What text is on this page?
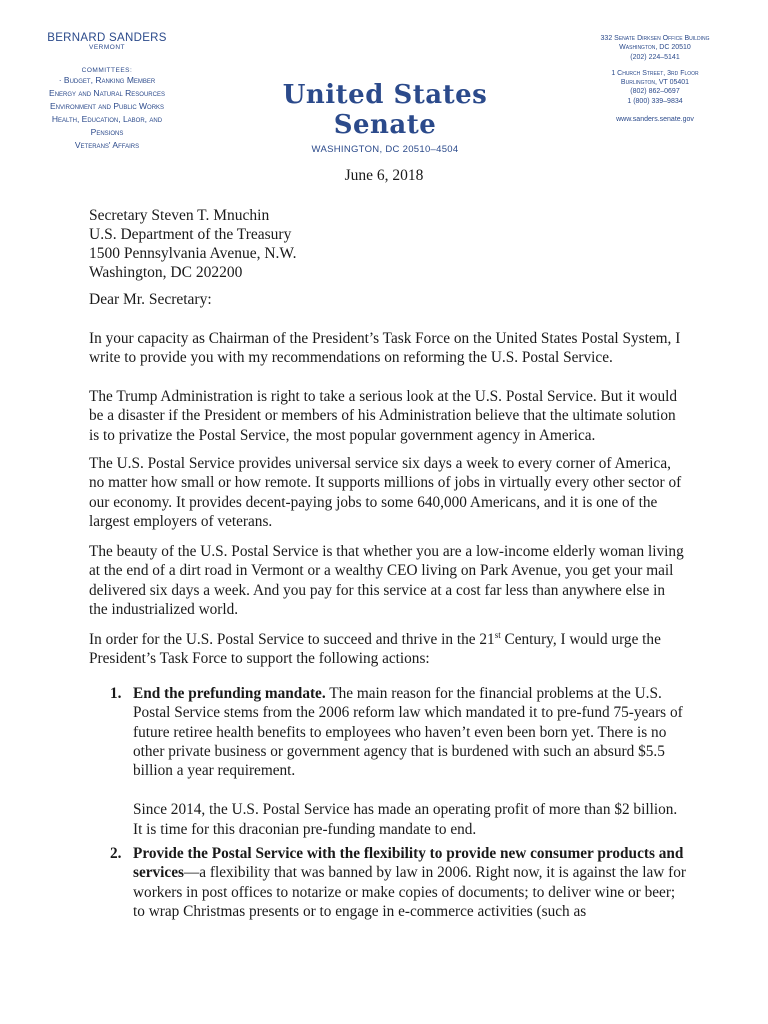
BERNARD SANDERS
VERMONT
COMMITTEES:
· Budget, Ranking Member
Energy and Natural Resources
Environment and Public Works
Health, Education, Labor, and
Pensions
Veterans' Affairs
United States Senate
WASHINGTON, DC 20510–4504
332 Senate Dirksen Office Building
Washington, DC 20510
(202) 224–5141
1 Church Street, 3rd Floor
Burlington, VT 05401
(802) 862–0697
1 (800) 339–9834
www.sanders.senate.gov
June 6, 2018
Secretary Steven T. Mnuchin
U.S. Department of the Treasury
1500 Pennsylvania Avenue, N.W.
Washington, DC 202200
Dear Mr. Secretary:

In your capacity as Chairman of the President’s Task Force on the United States Postal System, I write to provide you with my recommendations on reforming the U.S. Postal Service.

The Trump Administration is right to take a serious look at the U.S. Postal Service. But it would be a disaster if the President or members of his Administration believe that the ultimate solution is to privatize the Postal Service, the most popular government agency in America.

The U.S. Postal Service provides universal service six days a week to every corner of America, no matter how small or how remote. It supports millions of jobs in virtually every other sector of our economy. It provides decent-paying jobs to some 640,000 Americans, and it is one of the largest employers of veterans.

The beauty of the U.S. Postal Service is that whether you are a low-income elderly woman living at the end of a dirt road in Vermont or a wealthy CEO living on Park Avenue, you get your mail delivered six days a week. And you pay for this service at a cost far less than anywhere else in the industrialized world.

In order for the U.S. Postal Service to succeed and thrive in the 21st Century, I would urge the President’s Task Force to support the following actions:

1. End the prefunding mandate. The main reason for the financial problems at the U.S. Postal Service stems from the 2006 reform law which mandated it to pre-fund 75-years of future retiree health benefits to employees who haven’t even been born yet. There is no other private business or government agency that is burdened with such an absurd $5.5 billion a year requirement.
Since 2014, the U.S. Postal Service has made an operating profit of more than $2 billion. It is time for this draconian pre-funding mandate to end.
2. Provide the Postal Service with the flexibility to provide new consumer products and services—a flexibility that was banned by law in 2006. Right now, it is against the law for workers in post offices to notarize or make copies of documents; to deliver wine or beer; to wrap Christmas presents or to engage in e-commerce activities (such as
